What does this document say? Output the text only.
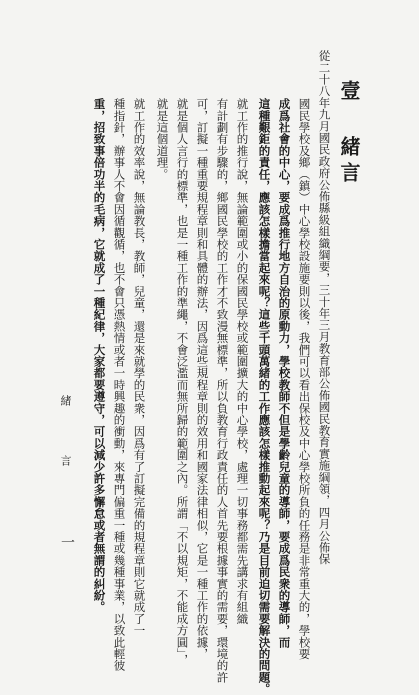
壹 緒言
從二十八年九月國民政府公佈縣級組織綱要，三十年三月教育部公佈國民教育實施綱領，四月公佈保
國民學校及鄉（鎮）中心學校設施要則以後，我們可以看出保校及中心學校所負的任務是非常重大的，學校要
成爲社會的中心，要成爲推行地方自治的原動力，學校教師不但是學齡兒童的導師，要成爲民衆的導師，而
這種艱鉅的責任，應該怎樣擔當起來呢？這些千頭萬緒的工作應該怎樣推動起來呢？乃是目前迫切需要解決的問題。
就工作的推行說，無論範圍或小的保國民學校或範圍擴大的中心學校，處理一切事務都需先講求有組織
有計劃有步驟的，鄉國民學校的工作才不致漫無標準，所以負教育行政責任的人首先要根據事實的需要，環境的許
可，訂擬一種重要規程章則和具體的辦法，因爲這些規程章則的效用和國家法律相似，它是一種工作的依據，
就是個人言行的標準，也是一種工作的準繩，不會泛濫而無所歸的範圍之內。所謂「不以規矩，不能成方圓」，
就是這個道理。
就工作的效率說，無論教長，教師，兒童，還是來就學的民衆，因爲有了訂擬完備的規程章則它就成了一
種指針，辦事人不會因循觀循，也不會只憑熱情或者一時興趣的衝動，來專門偏重一種或幾種事業，以致此輕彼
重，招致事倍功半的毛病，它就成了一種紀律，大家都要遵守，可以減少許多懈怠或者無謂的糾紛。
緒 言
一
